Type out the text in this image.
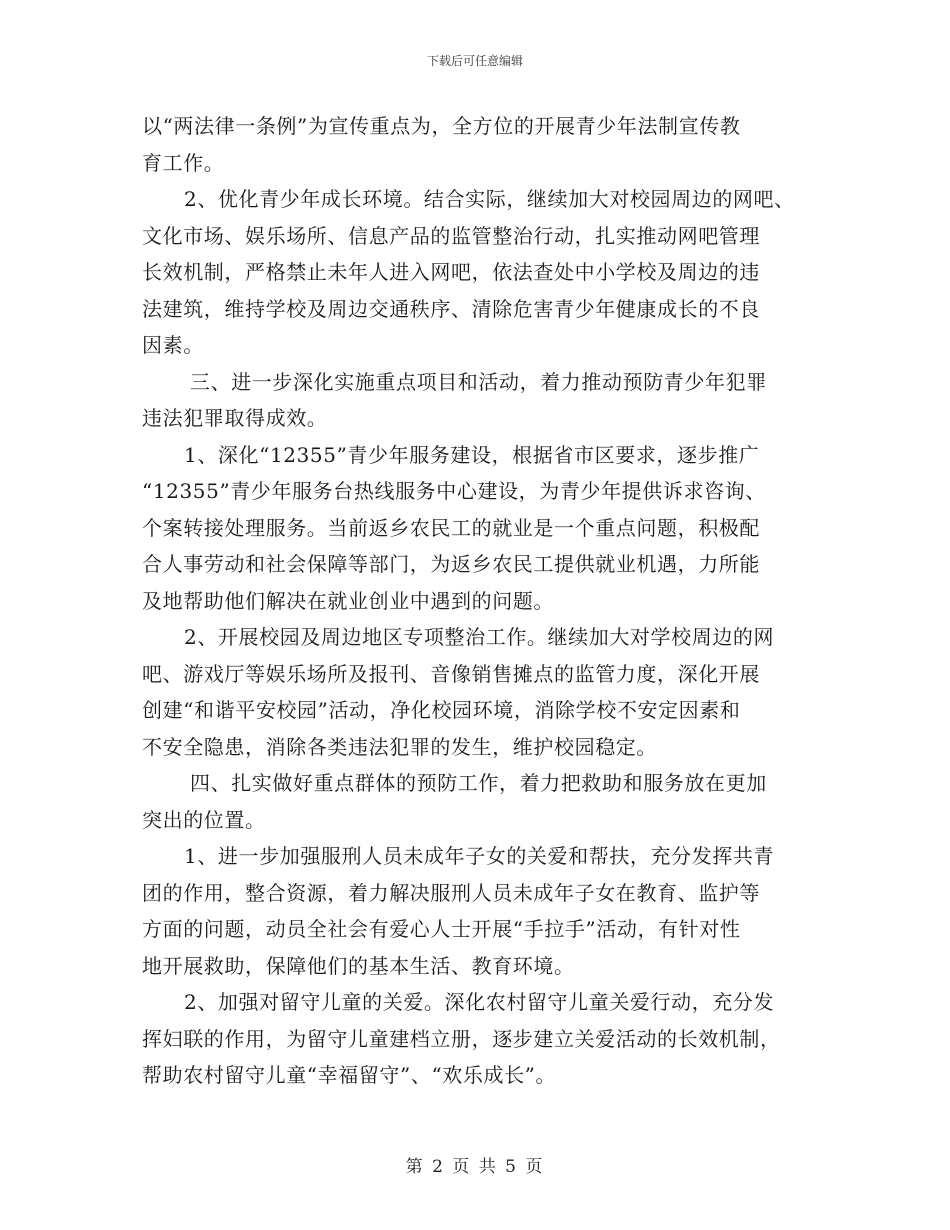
下载后可任意编辑
以“两法律一条例”为宣传重点为，全方位的开展青少年法制宣传教
育工作。
2、优化青少年成长环境。结合实际，继续加大对校园周边的网吧、
文化市场、娱乐场所、信息产品的监管整治行动，扎实推动网吧管理
长效机制，严格禁止未年人进入网吧，依法查处中小学校及周边的违
法建筑，维持学校及周边交通秩序、清除危害青少年健康成长的不良
因素。
三、进一步深化实施重点项目和活动，着力推动预防青少年犯罪
违法犯罪取得成效。
1、深化“12355”青少年服务建设，根据省市区要求，逐步推广
“12355”青少年服务台热线服务中心建设，为青少年提供诉求咨询、
个案转接处理服务。当前返乡农民工的就业是一个重点问题，积极配
合人事劳动和社会保障等部门，为返乡农民工提供就业机遇，力所能
及地帮助他们解决在就业创业中遇到的问题。
2、开展校园及周边地区专项整治工作。继续加大对学校周边的网
吧、游戏厅等娱乐场所及报刊、音像销售摊点的监管力度，深化开展
创建“和谐平安校园”活动，净化校园环境，消除学校不安定因素和
不安全隐患，消除各类违法犯罪的发生，维护校园稳定。
四、扎实做好重点群体的预防工作，着力把救助和服务放在更加
突出的位置。
1、进一步加强服刑人员未成年子女的关爱和帮扶，充分发挥共青
团的作用，整合资源，着力解决服刑人员未成年子女在教育、监护等
方面的问题，动员全社会有爱心人士开展“手拉手”活动，有针对性
地开展救助，保障他们的基本生活、教育环境。
2、加强对留守儿童的关爱。深化农村留守儿童关爱行动，充分发
挥妇联的作用，为留守儿童建档立册，逐步建立关爱活动的长效机制，
帮助农村留守儿童“幸福留守”、“欢乐成长”。
第 2 页 共 5 页
